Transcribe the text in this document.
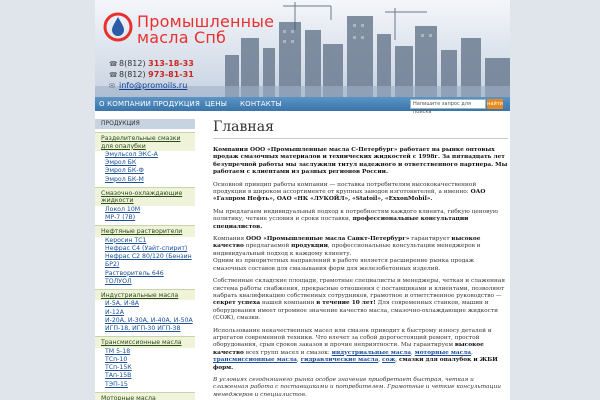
Промышленные
масла Спб
☎8(812) 313-18-33
☎8(812) 973-81-31
✉ info@promoils.ru
О КОМПАНИИ ПРОДУКЦИЯ ЦЕНЫ КОНТАКТЫ	Напишите запрос для поиска
найти
ПРОДУКЦИЯ
Разделительные смазки для опалубки
Эмульсол ЭКС-А
Эмрол БК
Эмрол БК-Ф
Эмрол БК-М
Смазочно-охлаждающие жидкости
Локол 10М
МР-7 (7В)
Нефтяные растворители
Керосин ТС1
Нефрас С4 (Уайт-спирит)
Нефрас С2 80/120 (Бензин БР2)
Растворитель 646
ТОЛУОЛ
Индустриальные масла
И-5А, И-8А
И-12А
И-20А, И-30А, И-40А, И-50А
ИГП-18, ИГП-30 ИГП-38
Трансмиссионные масла
ТМ 5-18
ТСп-10
ТСп-15К
ТАп-15В
ТЭП-15
Моторные масла
Главная

Компания ООО «Промышленные масла С-Петербург» работает на рынке оптовых продаж смазочных материалов и технических жидкостей с 1998г. За пятнадцать лет безупречной работы мы заслужили титул надежного и ответственного партнера. Мы работаем с клиентами из разных регионов России.

Основной принцип работы компании — поставка потребителям высококачественной продукции в широком ассортименте от крупных заводов изготовителей, а именно: ОАО «Газпром Нефть», ОАО «НК «ЛУКОЙЛ», «Statoil», «ExxonMobil».

Мы предлагаем индивидуальный подход к потребностям каждого клиента, гибкую ценовую политику, четкие условия и сроки поставки, профессиональные консультации специалистов.

Компания ООО «Промышленные масла Санкт-Петербург» гарантирует высокое качество предлагаемой продукции, профессиональные консультации менеджеров и индивидуальный подход к каждому клиенту.
Одним из приоритетных направлений в работе является расширение рынка продаж смазочных составов для смазывания форм для железобетонных изделий.

Собственные складские площади, грамотные специалисты и менеджеры, четкая и слаженная система работы снабжения, прекрасные отношения с поставщиками и клиентами, позволяют набрать квалификацию собственных сотрудников, грамотное и ответственное руководство — секрет успеха нашей компании в течение 10 лет! Для современных станков, машин и оборудования имеет огромное значение качество масла, смазочно-охлаждающие жидкости (СОЖ), смазки.

Использование некачественных масел или смазок приводит к быстрому износу деталей и агрегатов современной техники. Что влечет за собой дорогостоящий ремонт, простой оборудования, срыв сроков заказов и прочие неприятности. Мы гарантируем высокое качество всех групп масел и смазок: индустриальные масла, моторные масла, трансмиссионные масла, гидравлические масла, сож, смазки для опалубок и ЖБИ форм.

В условиях сегодняшнего рынка особое значение приобретает быстрая, четкая и слаженная работа с поставщиками и потребителем. Грамотные и четкие консультации менеджеров и специалистов.
